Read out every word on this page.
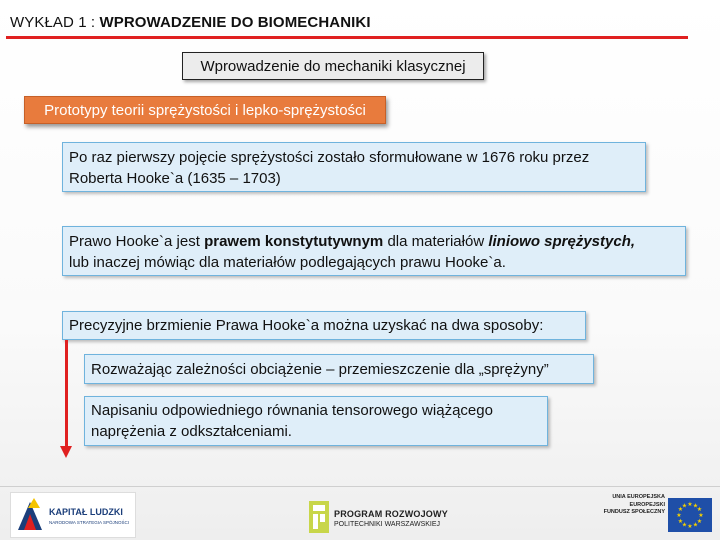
WYKŁAD 1 : WPROWADZENIE DO BIOMECHANIKI
Wprowadzenie do mechaniki klasycznej
Prototypy teorii sprężystości i lepko-sprężystości
Po raz pierwszy pojęcie sprężystości zostało sformułowane w 1676 roku przez
Roberta Hooke`a (1635 – 1703)
Prawo Hooke`a jest prawem konstytutywnym dla materiałów liniowo sprężystych,
lub inaczej mówiąc dla materiałów podlegających prawu Hooke`a.
Precyzyjne brzmienie Prawa Hooke`a można uzyskać na dwa sposoby:
Rozważając zależności obciążenie – przemieszczenie dla „sprężyny”
Napisaniu odpowiedniego równania tensorowego wiążącego
naprężenia z odkształceniami.
KAPITAŁ LUDZKI
NARODOWA STRATEGIA SPÓJNOŚCI
PROGRAM ROZWOJOWY
POLITECHNIKI WARSZAWSKIEJ
UNIA EUROPEJSKA
EUROPEJSKI
FUNDUSZ SPOŁECZNY
★ ★
★
★
★
★
★
★
★
★
★
★
